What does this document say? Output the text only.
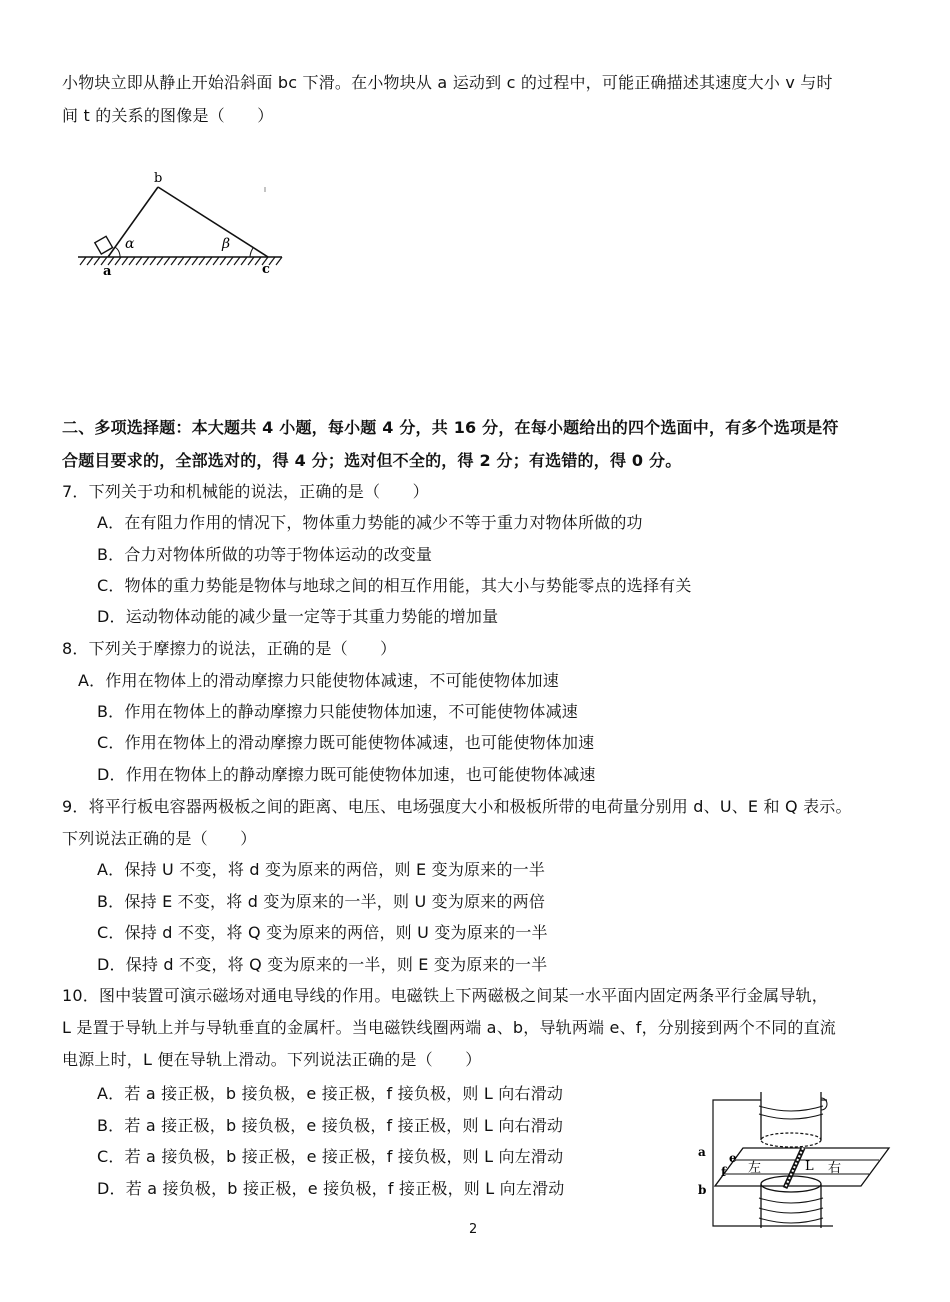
小物块立即从静止开始沿斜面 bc 下滑。在小物块从 a 运动到 c 的过程中，可能正确描述其速度大小 v 与时
间 t 的关系的图像是（　　）
b
a	c
α	β
二、多项选择题：本大题共 4 小题，每小题 4 分，共 16 分，在每小题给出的四个选面中，有多个选项是符
合题目要求的，全部选对的，得 4 分；选对但不全的，得 2 分；有选错的，得 0 分。
7．下列关于功和机械能的说法，正确的是（　　）
A．在有阻力作用的情况下，物体重力势能的减少不等于重力对物体所做的功
B．合力对物体所做的功等于物体运动的改变量
C．物体的重力势能是物体与地球之间的相互作用能，其大小与势能零点的选择有关
D．运动物体动能的减少量一定等于其重力势能的增加量
8．下列关于摩擦力的说法，正确的是（　　）
A．作用在物体上的滑动摩擦力只能使物体减速，不可能使物体加速
B．作用在物体上的静动摩擦力只能使物体加速，不可能使物体减速
C．作用在物体上的滑动摩擦力既可能使物体减速，也可能使物体加速
D．作用在物体上的静动摩擦力既可能使物体加速，也可能使物体减速
9．将平行板电容器两极板之间的距离、电压、电场强度大小和极板所带的电荷量分别用 d、U、E 和 Q 表示。
下列说法正确的是（　　）
A．保持 U 不变，将 d 变为原来的两倍，则 E 变为原来的一半
B．保持 E 不变，将 d 变为原来的一半，则 U 变为原来的两倍
C．保持 d 不变，将 Q 变为原来的两倍，则 U 变为原来的一半
D．保持 d 不变，将 Q 变为原来的一半，则 E 变为原来的一半
10．图中装置可演示磁场对通电导线的作用。电磁铁上下两磁极之间某一水平面内固定两条平行金属导轨，
L 是置于导轨上并与导轨垂直的金属杆。当电磁铁线圈两端 a、b，导轨两端 e、f，分别接到两个不同的直流
电源上时，L 便在导轨上滑动。下列说法正确的是（　　）
A．若 a 接正极，b 接负极，e 接正极，f 接负极，则 L 向右滑动
B．若 a 接正极，b 接负极，e 接负极，f 接正极，则 L 向右滑动
C．若 a 接负极，b 接正极，e 接正极，f 接负极，则 L 向左滑动
D．若 a 接负极，b 接正极，e 接负极，f 接正极，则 L 向左滑动
a
b
e
f 左	L 右
2
